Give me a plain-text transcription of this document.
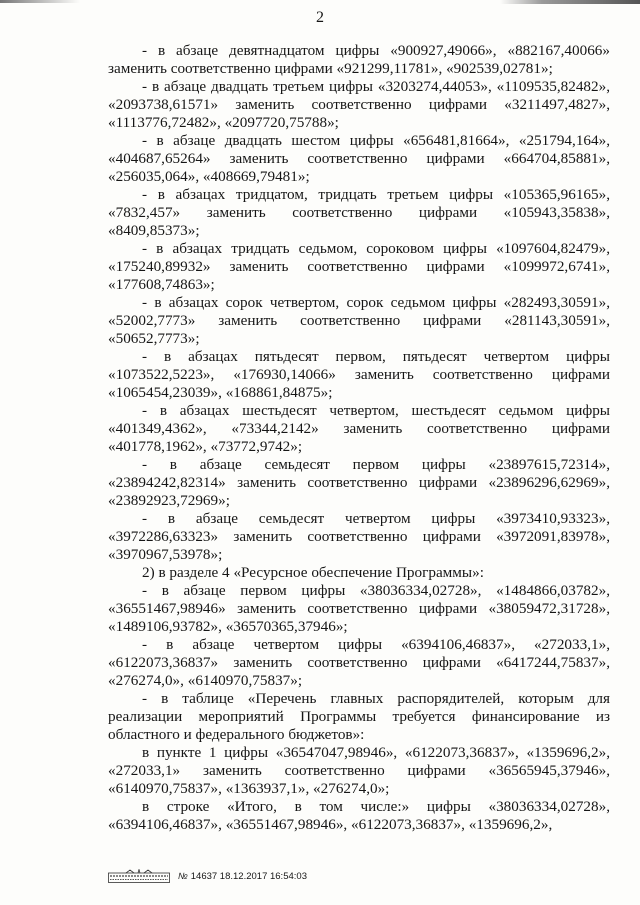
2

- в абзаце девятнадцатом цифры «900927,49066», «882167,40066» заменить соответственно цифрами «921299,11781», «902539,02781»;

- в абзаце двадцать третьем цифры «3203274,44053», «1109535,82482», «2093738,61571» заменить соответственно цифрами «3211497,4827», «1113776,72482», «2097720,75788»;

- в абзаце двадцать шестом цифры «656481,81664», «251794,164», «404687,65264» заменить соответственно цифрами «664704,85881», «256035,064», «408669,79481»;

- в абзацах тридцатом, тридцать третьем цифры «105365,96165», «7832,457» заменить соответственно цифрами «105943,35838», «8409,85373»;

- в абзацах тридцать седьмом, сороковом цифры «1097604,82479», «175240,89932» заменить соответственно цифрами «1099972,6741», «177608,74863»;

- в абзацах сорок четвертом, сорок седьмом цифры «282493,30591», «52002,7773» заменить соответственно цифрами «281143,30591», «50652,7773»;

- в абзацах пятьдесят первом, пятьдесят четвертом цифры «1073522,5223», «176930,14066» заменить соответственно цифрами «1065454,23039», «168861,84875»;

- в абзацах шестьдесят четвертом, шестьдесят седьмом цифры «401349,4362», «73344,2142» заменить соответственно цифрами «401778,1962», «73772,9742»;

- в абзаце семьдесят первом цифры «23897615,72314», «23894242,82314» заменить соответственно цифрами «23896296,62969», «23892923,72969»;

- в абзаце семьдесят четвертом цифры «3973410,93323», «3972286,63323» заменить соответственно цифрами «3972091,83978», «3970967,53978»;

2) в разделе 4 «Ресурсное обеспечение Программы»:

- в абзаце первом цифры «38036334,02728», «1484866,03782», «36551467,98946» заменить соответственно цифрами «38059472,31728», «1489106,93782», «36570365,37946»;

- в абзаце четвертом цифры «6394106,46837», «272033,1», «6122073,36837» заменить соответственно цифрами «6417244,75837», «276274,0», «6140970,75837»;

- в таблице «Перечень главных распорядителей, которым для реализации мероприятий Программы требуется финансирование из областного и федерального бюджетов»:

в пункте 1 цифры «36547047,98946», «6122073,36837», «1359696,2», «272033,1» заменить соответственно цифрами «36565945,37946», «6140970,75837», «1363937,1», «276274,0»;

в строке «Итого, в том числе:» цифры «38036334,02728», «6394106,46837», «36551467,98946», «6122073,36837», «1359696,2»,

№ 14637 18.12.2017 16:54:03
